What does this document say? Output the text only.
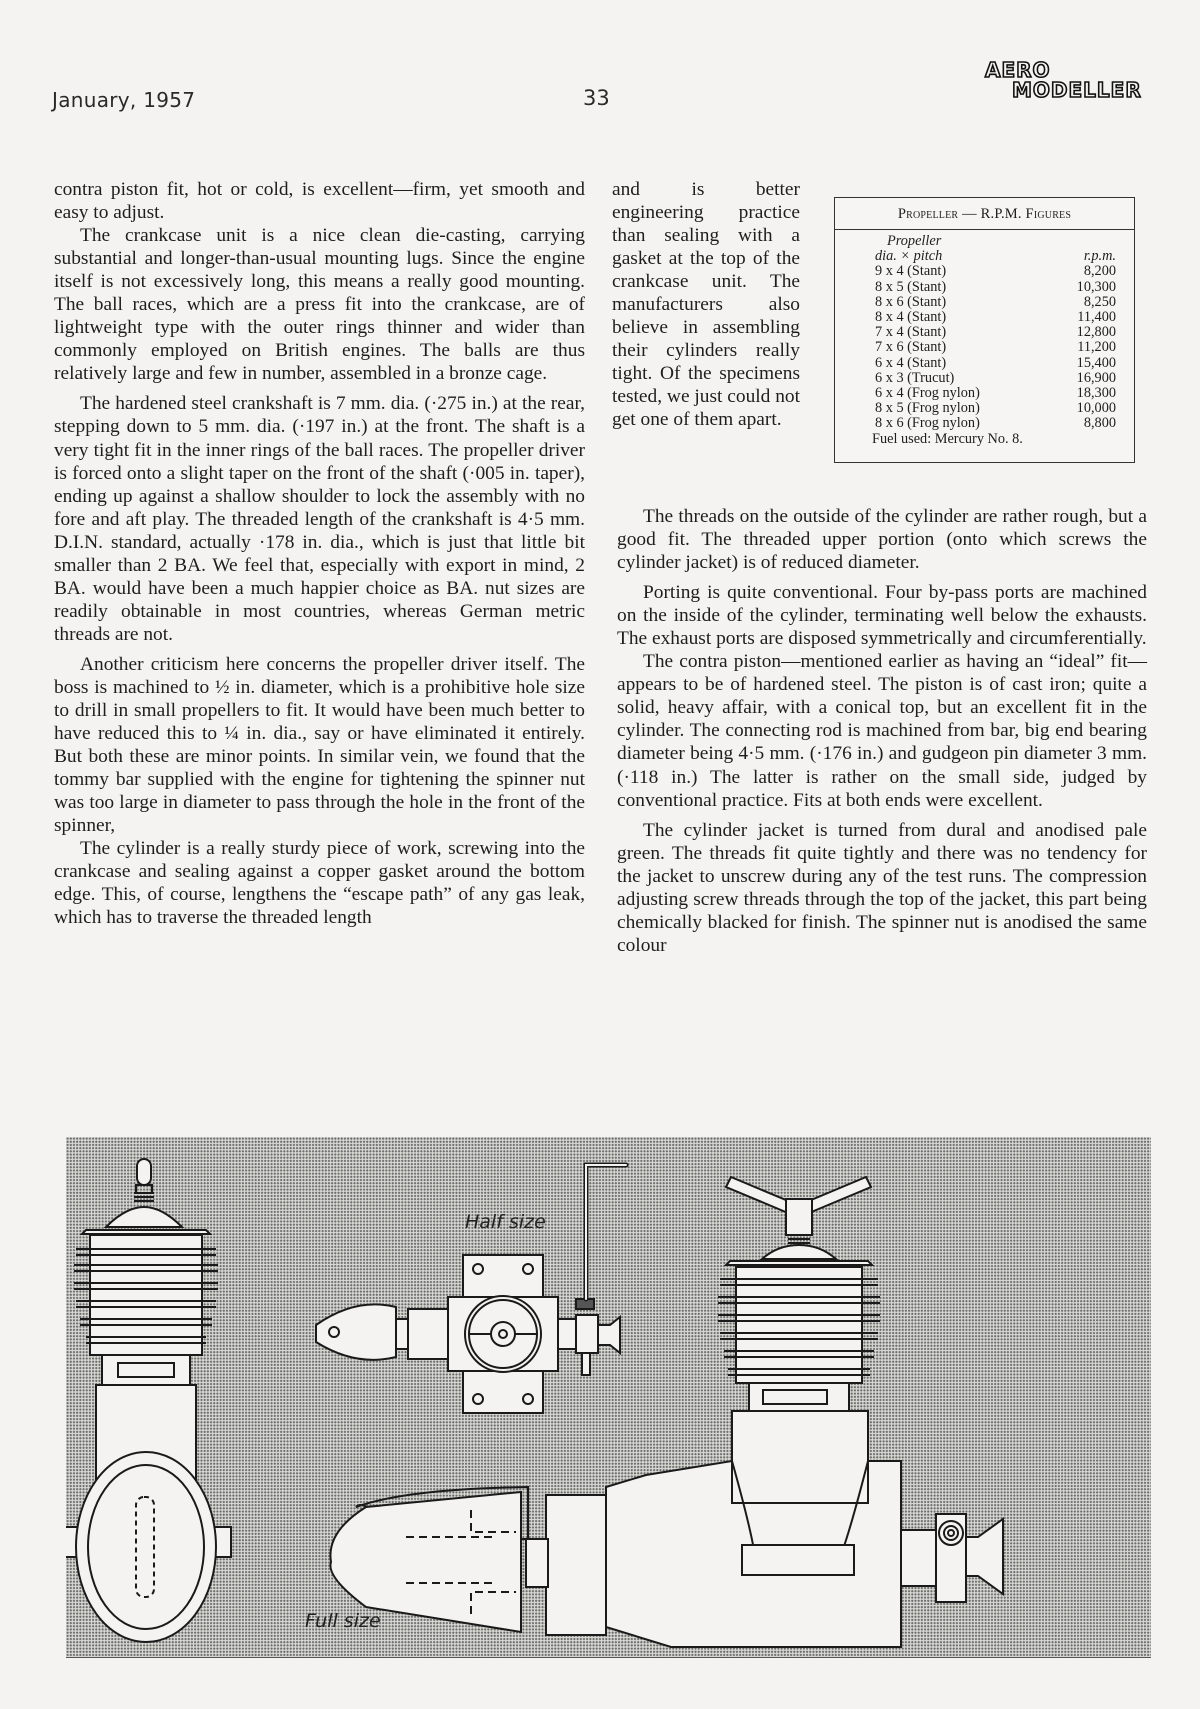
January, 1957	33
AERO
MODELLER

contra piston fit, hot or cold, is excellent—firm, yet smooth and easy to adjust.

The crankcase unit is a nice clean die-casting, carrying substantial and longer-than-usual mounting lugs. Since the engine itself is not excessively long, this means a really good mounting. The ball races, which are a press fit into the crankcase, are of lightweight type with the outer rings thinner and wider than commonly employed on British engines. The balls are thus relatively large and few in number, assembled in a bronze cage.

The hardened steel crankshaft is 7 mm. dia. (·275 in.) at the rear, stepping down to 5 mm. dia. (·197 in.) at the front. The shaft is a very tight fit in the inner rings of the ball races. The propeller driver is forced onto a slight taper on the front of the shaft (·005 in. taper), ending up against a shallow shoulder to lock the assembly with no fore and aft play. The threaded length of the crankshaft is 4·5 mm. D.I.N. standard, actually ·178 in. dia., which is just that little bit smaller than 2 BA. We feel that, especially with export in mind, 2 BA. would have been a much happier choice as BA. nut sizes are readily obtainable in most countries, whereas German metric threads are not.

Another criticism here concerns the propeller driver itself. The boss is machined to ½ in. diameter, which is a prohibitive hole size to drill in small propellers to fit. It would have been much better to have reduced this to ¼ in. dia., say or have eliminated it entirely. But both these are minor points. In similar vein, we found that the tommy bar supplied with the engine for tightening the spinner nut was too large in diameter to pass through the hole in the front of the spinner,

The cylinder is a really sturdy piece of work, screwing into the crankcase and sealing against a copper gasket around the bottom edge. This, of course, lengthens the “escape path” of any gas leak, which has to traverse the threaded length

and is better engineering practice than sealing with a gasket at the top of the crankcase unit. The manufacturers also believe in assembling their cylinders really tight. Of the specimens tested, we just could not get one of them apart.

Propeller — R.P.M. Figures
Propeller
dia. × pitch	r.p.m.
9 x 4 (Stant)	8,200
8 x 5 (Stant)	10,300
8 x 6 (Stant)	8,250
8 x 4 (Stant)	11,400
7 x 4 (Stant)	12,800
7 x 6 (Stant)	11,200
6 x 4 (Stant)	15,400
6 x 3 (Trucut)	16,900
6 x 4 (Frog nylon)	18,300
8 x 5 (Frog nylon)	10,000
8 x 6 (Frog nylon)	8,800
Fuel used: Mercury No. 8.

The threads on the outside of the cylinder are rather rough, but a good fit. The threaded upper portion (onto which screws the cylinder jacket) is of reduced diameter.

Porting is quite conventional. Four by-pass ports are machined on the inside of the cylinder, terminating well below the exhausts. The exhaust ports are disposed symmetrically and circumferentially.

The contra piston—mentioned earlier as having an “ideal” fit—appears to be of hardened steel. The piston is of cast iron; quite a solid, heavy affair, with a conical top, but an excellent fit in the cylinder. The connecting rod is machined from bar, big end bearing diameter being 4·5 mm. (·176 in.) and gudgeon pin diameter 3 mm. (·118 in.) The latter is rather on the small side, judged by conventional practice. Fits at both ends were excellent.

The cylinder jacket is turned from dural and anodised pale green. The threads fit quite tightly and there was no tendency for the jacket to unscrew during any of the test runs. The compression adjusting screw threads through the top of the jacket, this part being chemically blacked for finish. The spinner nut is anodised the same colour

Half size
Full size
